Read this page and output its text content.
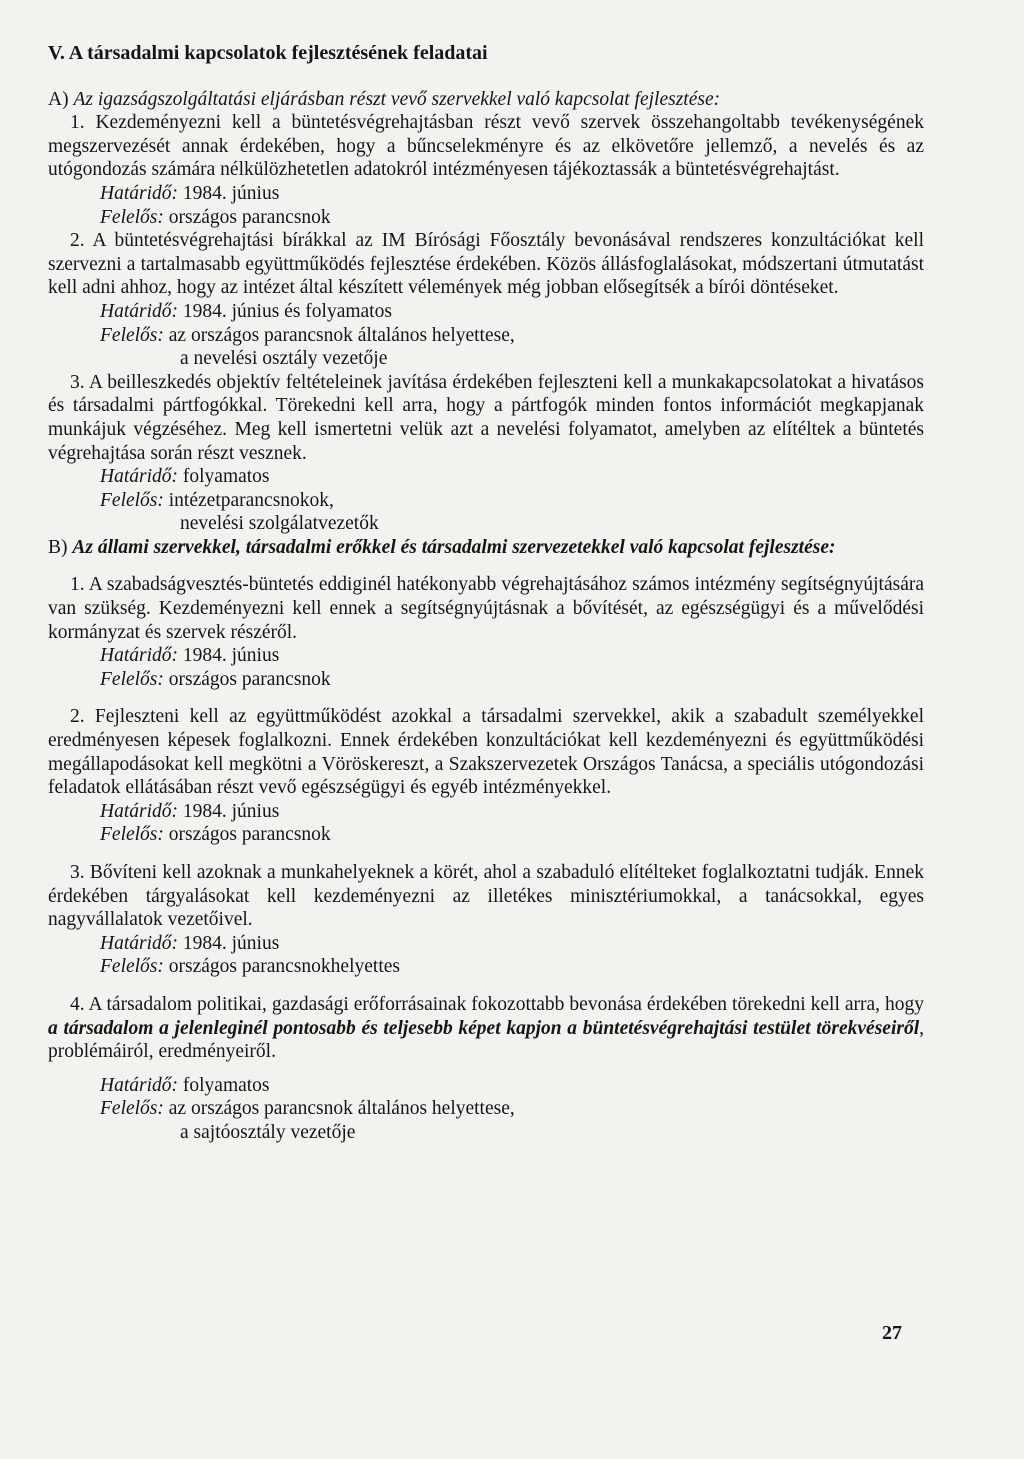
V. A társadalmi kapcsolatok fejlesztésének feladatai

A) Az igazságszolgáltatási eljárásban részt vevő szervekkel való kapcsolat fejlesztése:

1. Kezdeményezni kell a büntetésvégrehajtásban részt vevő szervek összehangoltabb tevékenységének megszervezését annak érdekében, hogy a bűncselekményre és az elkövetőre jellemző, a nevelés és az utógondozás számára nélkülözhetetlen adatokról intézményesen tájékoztassák a büntetésvégrehajtást.

Határidő: 1984. június
Felelős: országos parancsnok

2. A büntetésvégrehajtási bírákkal az IM Bírósági Főosztály bevonásával rendszeres konzultációkat kell szervezni a tartalmasabb együttműködés fejlesztése érdekében. Közös állásfoglalásokat, módszertani útmutatást kell adni ahhoz, hogy az intézet által készített vélemények még jobban elősegítsék a bírói döntéseket.

Határidő: 1984. június és folyamatos
Felelős: az országos parancsnok általános helyettese,
a nevelési osztály vezetője

3. A beilleszkedés objektív feltételeinek javítása érdekében fejleszteni kell a munkakapcsolatokat a hivatásos és társadalmi pártfogókkal. Törekedni kell arra, hogy a pártfogók minden fontos információt megkapjanak munkájuk végzéséhez. Meg kell ismertetni velük azt a nevelési folyamatot, amelyben az elítéltek a büntetés végrehajtása során részt vesznek.

Határidő: folyamatos
Felelős: intézetparancsnokok,
nevelési szolgálatvezetők

B) Az állami szervekkel, társadalmi erőkkel és társadalmi szervezetekkel való kapcsolat fejlesztése:

1. A szabadságvesztés-büntetés eddiginél hatékonyabb végrehajtásához számos intézmény segítségnyújtására van szükség. Kezdeményezni kell ennek a segítségnyújtásnak a bővítését, az egészségügyi és a művelődési kormányzat és szervek részéről.

Határidő: 1984. június
Felelős: országos parancsnok

2. Fejleszteni kell az együttműködést azokkal a társadalmi szervekkel, akik a szabadult személyekkel eredményesen képesek foglalkozni. Ennek érdekében konzultációkat kell kezdeményezni és együttműködési megállapodásokat kell megkötni a Vöröskereszt, a Szakszervezetek Országos Tanácsa, a speciális utógondozási feladatok ellátásában részt vevő egészségügyi és egyéb intézményekkel.

Határidő: 1984. június
Felelős: országos parancsnok

3. Bővíteni kell azoknak a munkahelyeknek a körét, ahol a szabaduló elítélteket foglalkoztatni tudják. Ennek érdekében tárgyalásokat kell kezdeményezni az illetékes minisztériumokkal, a tanácsokkal, egyes nagyvállalatok vezetőivel.

Határidő: 1984. június
Felelős: országos parancsnokhelyettes

4. A társadalom politikai, gazdasági erőforrásainak fokozottabb bevonása érdekében törekedni kell arra, hogy a társadalom a jelenleginél pontosabb és teljesebb képet kapjon a büntetésvégrehajtási testület törekvéseiről, problémáiról, eredményeiről.

Határidő: folyamatos
Felelős: az országos parancsnok általános helyettese,
a sajtóosztály vezetője
27
